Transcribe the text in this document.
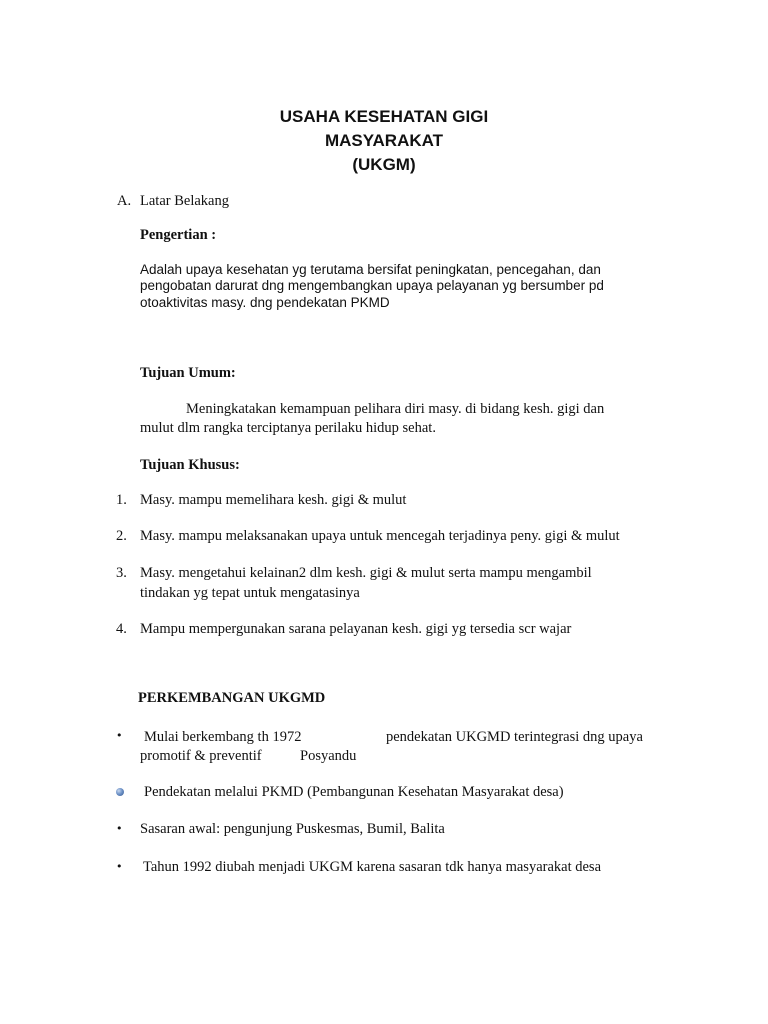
USAHA KESEHATAN GIGI
MASYARAKAT
(UKGM)
A. Latar Belakang
Pengertian :
Adalah upaya kesehatan yg terutama bersifat peningkatan, pencegahan, dan
pengobatan darurat dng mengembangkan upaya pelayanan yg bersumber pd
otoaktivitas masy. dng pendekatan PKMD
Tujuan Umum:
Meningkatakan kemampuan pelihara diri masy. di bidang kesh. gigi dan
mulut dlm rangka terciptanya perilaku hidup sehat.
Tujuan Khusus:
1. Masy. mampu memelihara kesh. gigi & mulut
2. Masy. mampu melaksanakan upaya untuk mencegah terjadinya peny. gigi & mulut
3. Masy. mengetahui kelainan2 dlm kesh. gigi & mulut serta mampu mengambil
tindakan yg tepat untuk mengatasinya
4. Mampu mempergunakan sarana pelayanan kesh. gigi yg tersedia scr wajar
PERKEMBANGAN UKGMD
• Mulai berkembang th 1972	pendekatan UKGMD terintegrasi dng upaya
promotif & preventif	Posyandu
Pendekatan melalui PKMD (Pembangunan Kesehatan Masyarakat desa)
• Sasaran awal: pengunjung Puskesmas, Bumil, Balita
• Tahun 1992 diubah menjadi UKGM karena sasaran tdk hanya masyarakat desa
